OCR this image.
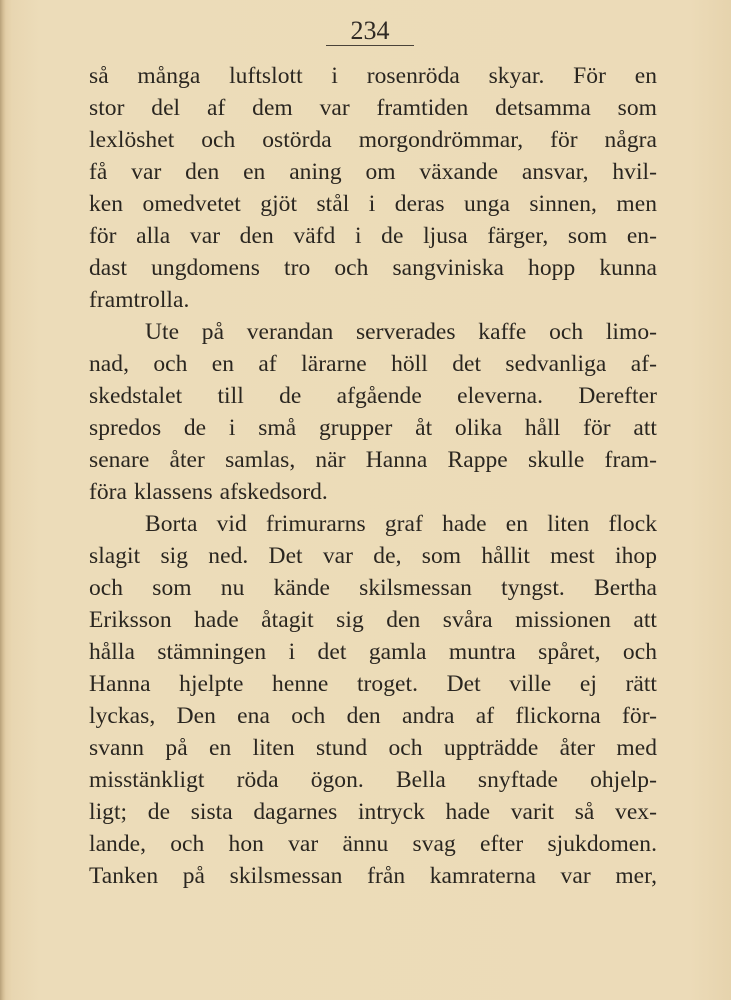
234
så många luftslott i rosenröda skyar. För en
stor del af dem var framtiden detsamma som
lexlöshet och ostörda morgondrömmar, för några
få var den en aning om växande ansvar, hvil-
ken omedvetet gjöt stål i deras unga sinnen, men
för alla var den väfd i de ljusa färger, som en-
dast ungdomens tro och sangviniska hopp kunna
framtrolla.
Ute på verandan serverades kaffe och limo-
nad, och en af lärarne höll det sedvanliga af-
skedstalet till de afgående eleverna. Derefter
spredos de i små grupper åt olika håll för att
senare åter samlas, när Hanna Rappe skulle fram-
föra klassens afskedsord.
Borta vid frimurarns graf hade en liten flock
slagit sig ned. Det var de, som hållit mest ihop
och som nu kände skilsmessan tyngst. Bertha
Eriksson hade åtagit sig den svåra missionen att
hålla stämningen i det gamla muntra spåret, och
Hanna hjelpte henne troget. Det ville ej rätt
lyckas, Den ena och den andra af flickorna för-
svann på en liten stund och uppträdde åter med
misstänkligt röda ögon. Bella snyftade ohjelp-
ligt; de sista dagarnes intryck hade varit så vex-
lande, och hon var ännu svag efter sjukdomen.
Tanken på skilsmessan från kamraterna var mer,
